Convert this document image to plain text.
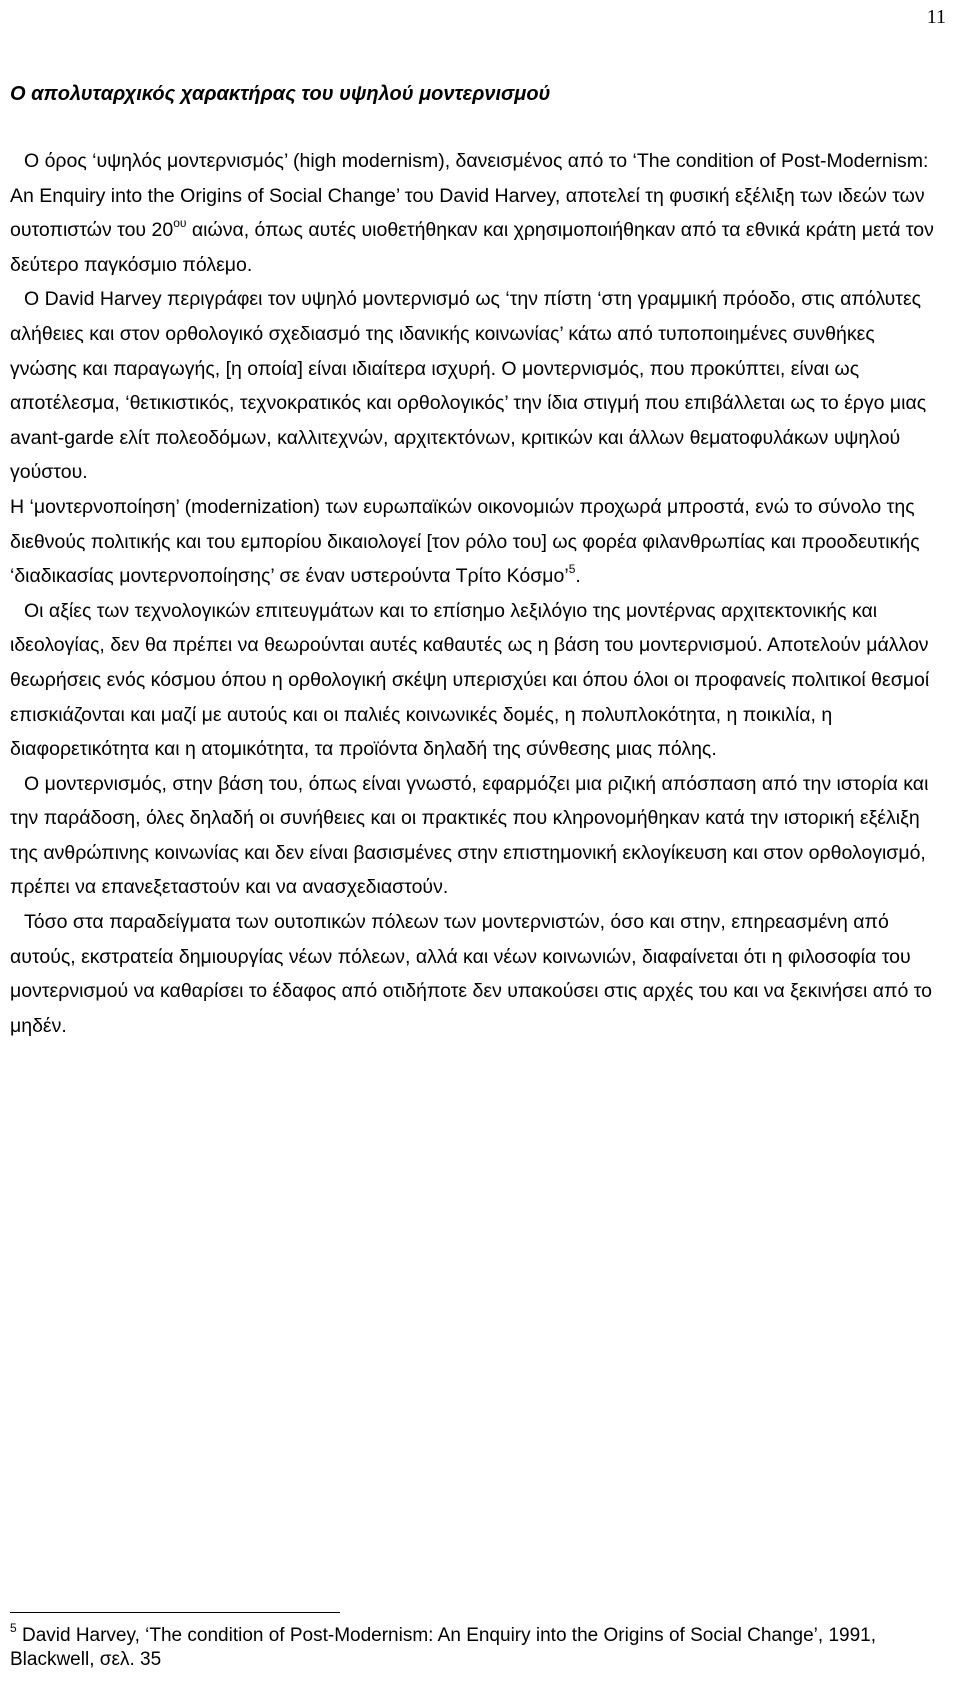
11
Ο απολυταρχικός χαρακτήρας του υψηλού μοντερνισμού

Ο όρος ‘υψηλός μοντερνισμός’ (high modernism), δανεισμένος από το ‘The condition of Post-Modernism: An Enquiry into the Origins of Social Change’ του David Harvey, αποτελεί τη φυσική εξέλιξη των ιδεών των ουτοπιστών του $20^{o\upsilon}$ αιώνα, όπως αυτές υιοθετήθηκαν και χρησιμοποιήθηκαν από τα εθνικά κράτη μετά τον δεύτερο παγκόσμιο πόλεμο.

Ο David Harvey περιγράφει τον υψηλό μοντερνισμό ως ‘την πίστη ‘στη γραμμική πρόοδο, στις απόλυτες αλήθειες και στον ορθολογικό σχεδιασμό της ιδανικής κοινωνίας’ κάτω από τυποποιημένες συνθήκες γνώσης και παραγωγής, [η οποία] είναι ιδιαίτερα ισχυρή. Ο μοντερνισμός, που προκύπτει, είναι ως αποτέλεσμα, ‘θετικιστικός, τεχνοκρατικός και ορθολογικός’ την ίδια στιγμή που επιβάλλεται ως το έργο μιας avant-garde ελίτ πολεοδόμων, καλλιτεχνών, αρχιτεκτόνων, κριτικών και άλλων θεματοφυλάκων υψηλού γούστου.

Η ‘μοντερνοποίηση’ (modernization) των ευρωπαϊκών οικονομιών προχωρά μπροστά, ενώ το σύνολο της διεθνούς πολιτικής και του εμπορίου δικαιολογεί [τον ρόλο του] ως φορέα φιλανθρωπίας και προοδευτικής ‘διαδικασίας μοντερνοποίησης’ σε έναν υστερούντα Τρίτο Κόσμο’$^5$.

Οι αξίες των τεχνολογικών επιτευγμάτων και το επίσημο λεξιλόγιο της μοντέρνας αρχιτεκτονικής και ιδεολογίας, δεν θα πρέπει να θεωρούνται αυτές καθαυτές ως η βάση του μοντερνισμού. Αποτελούν μάλλον θεωρήσεις ενός κόσμου όπου η ορθολογική σκέψη υπερισχύει και όπου όλοι οι προφανείς πολιτικοί θεσμοί επισκιάζονται και μαζί με αυτούς και οι παλιές κοινωνικές δομές, η πολυπλοκότητα, η ποικιλία, η διαφορετικότητα και η ατομικότητα, τα προϊόντα δηλαδή της σύνθεσης μιας πόλης.

Ο μοντερνισμός, στην βάση του, όπως είναι γνωστό, εφαρμόζει μια ριζική απόσπαση από την ιστορία και την παράδοση, όλες δηλαδή οι συνήθειες και οι πρακτικές που κληρονομήθηκαν κατά την ιστορική εξέλιξη της ανθρώπινης κοινωνίας και δεν είναι βασισμένες στην επιστημονική εκλογίκευση και στον ορθολογισμό, πρέπει να επανεξεταστούν και να ανασχεδιαστούν.

Τόσο στα παραδείγματα των ουτοπικών πόλεων των μοντερνιστών, όσο και στην, επηρεασμένη από αυτούς, εκστρατεία δημιουργίας νέων πόλεων, αλλά και νέων κοινωνιών, διαφαίνεται ότι η φιλοσοφία του μοντερνισμού να καθαρίσει το έδαφος από οτιδήποτε δεν υπακούσει στις αρχές του και να ξεκινήσει από το μηδέν.

$^5$ David Harvey, ‘The condition of Post-Modernism: An Enquiry into the Origins of Social Change’, 1991, Blackwell, σελ. 35
